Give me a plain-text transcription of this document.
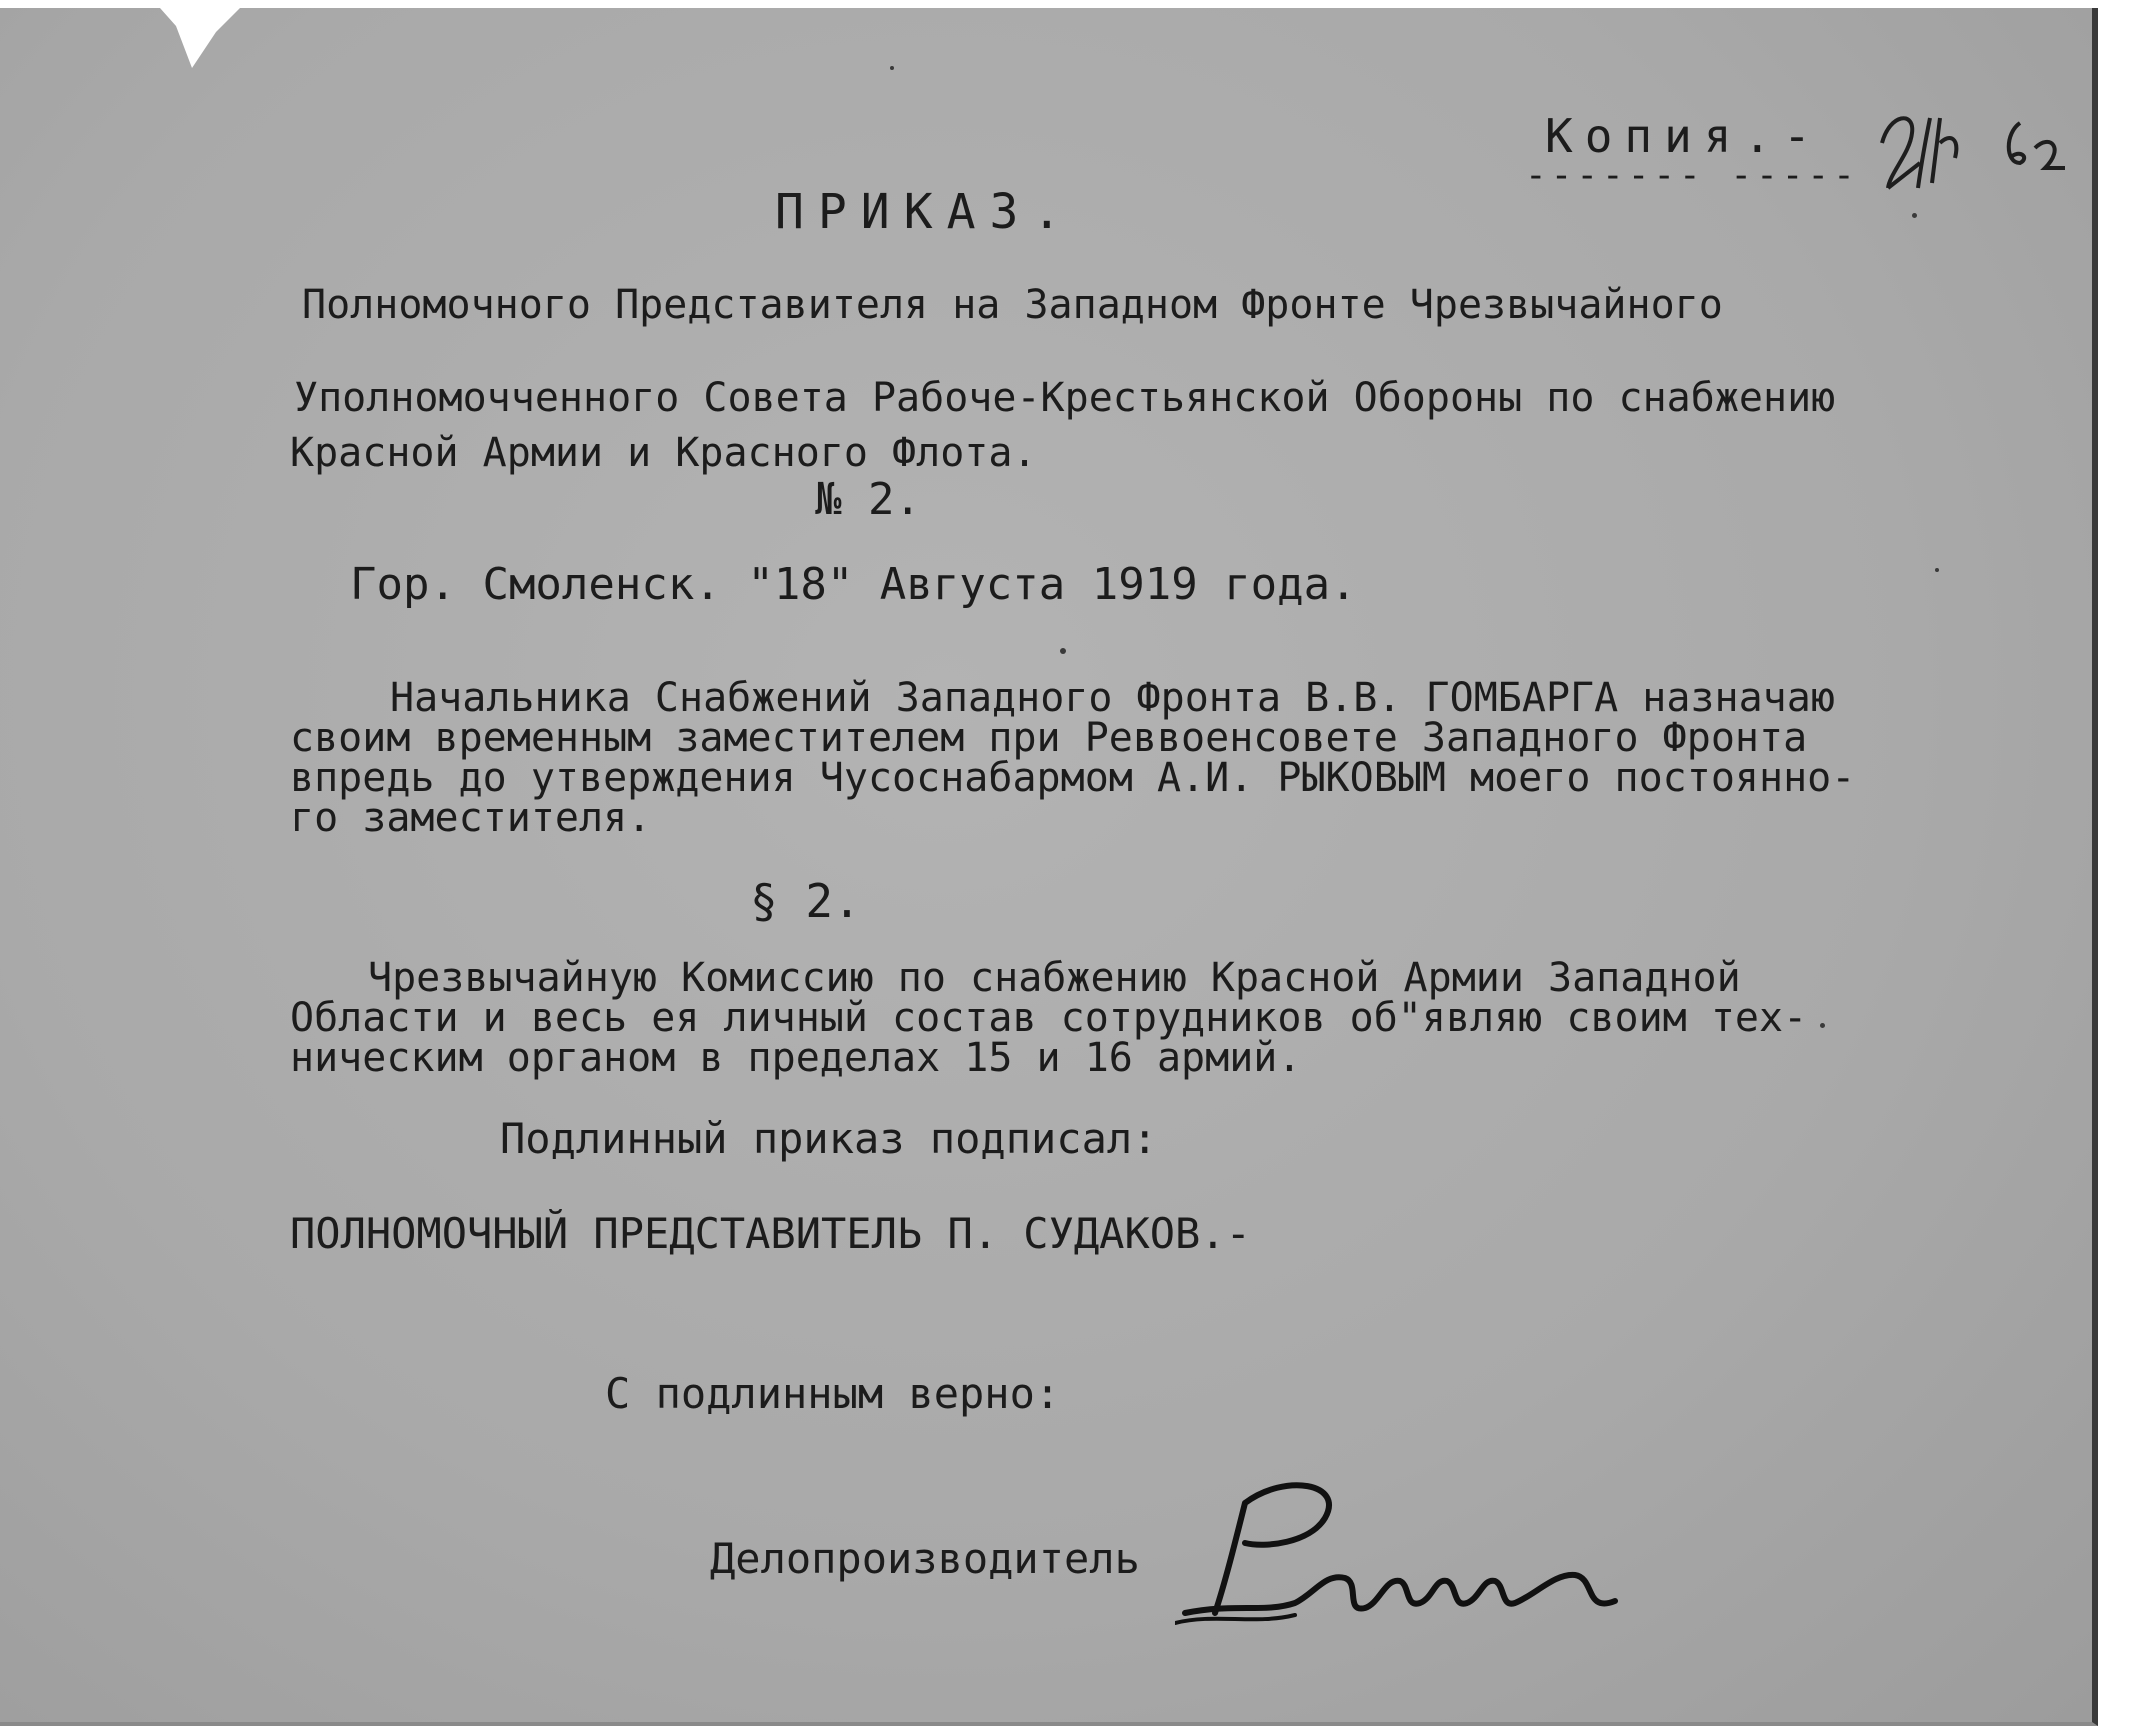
Копия.-

------- -----

ПРИКАЗ.

Полномочного Представителя на Западном Фронте Чрезвычайного
Уполномочченного Совета Рабоче-Крестьянской Обороны по снабжению
Красной Армии и Красного Флота.

№ 2.

Гор. Смоленск. "18" Августа 1919 года.

Начальника Снабжений Западного Фронта В.В. ГОМБАРГА назначаю
своим временным заместителем при Реввоенсовете Западного Фронта
впредь до утверждения Чусоснабармом А.И. РЫКОВЫМ моего постоянно-
го заместителя.

§ 2.

Чрезвычайную Комиссию по снабжению Красной Армии Западной
Области и весь ея личный состав сотрудников об"являю своим тех-
ническим органом в пределах 15 и 16 армий.

Подлинный приказ подписал:

ПОЛНОМОЧНЫЙ ПРЕДСТАВИТЕЛЬ П. СУДАКОВ.-

С подлинным верно:

Делопроизводитель
